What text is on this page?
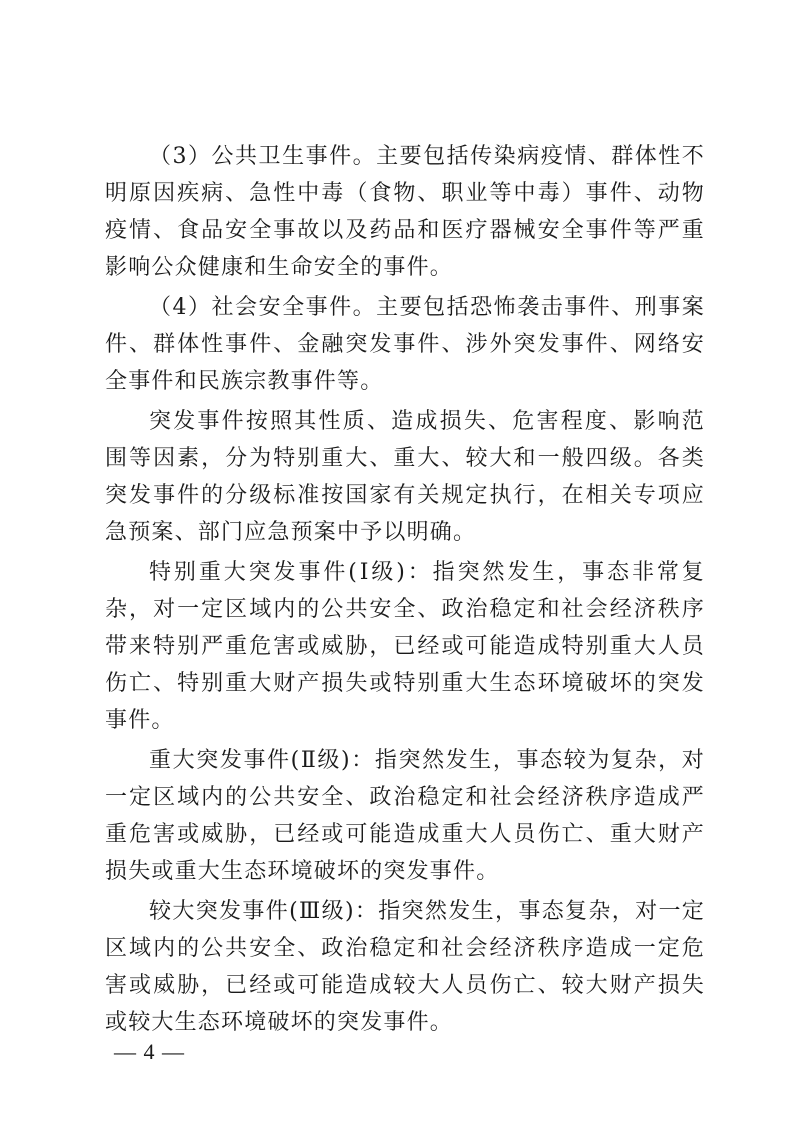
（3）公共卫生事件。主要包括传染病疫情、群体性不明原因疾病、急性中毒（食物、职业等中毒）事件、动物疫情、食品安全事故以及药品和医疗器械安全事件等严重影响公众健康和生命安全的事件。

（4）社会安全事件。主要包括恐怖袭击事件、刑事案件、群体性事件、金融突发事件、涉外突发事件、网络安全事件和民族宗教事件等。

突发事件按照其性质、造成损失、危害程度、影响范围等因素，分为特别重大、重大、较大和一般四级。各类突发事件的分级标准按国家有关规定执行，在相关专项应急预案、部门应急预案中予以明确。

特别重大突发事件(Ⅰ级)：指突然发生，事态非常复杂，对一定区域内的公共安全、政治稳定和社会经济秩序带来特别严重危害或威胁，已经或可能造成特别重大人员伤亡、特别重大财产损失或特别重大生态环境破坏的突发事件。

重大突发事件(Ⅱ级)：指突然发生，事态较为复杂，对一定区域内的公共安全、政治稳定和社会经济秩序造成严重危害或威胁，已经或可能造成重大人员伤亡、重大财产损失或重大生态环境破坏的突发事件。

较大突发事件(Ⅲ级)：指突然发生，事态复杂，对一定区域内的公共安全、政治稳定和社会经济秩序造成一定危害或威胁，已经或可能造成较大人员伤亡、较大财产损失或较大生态环境破坏的突发事件。

— 4 —
